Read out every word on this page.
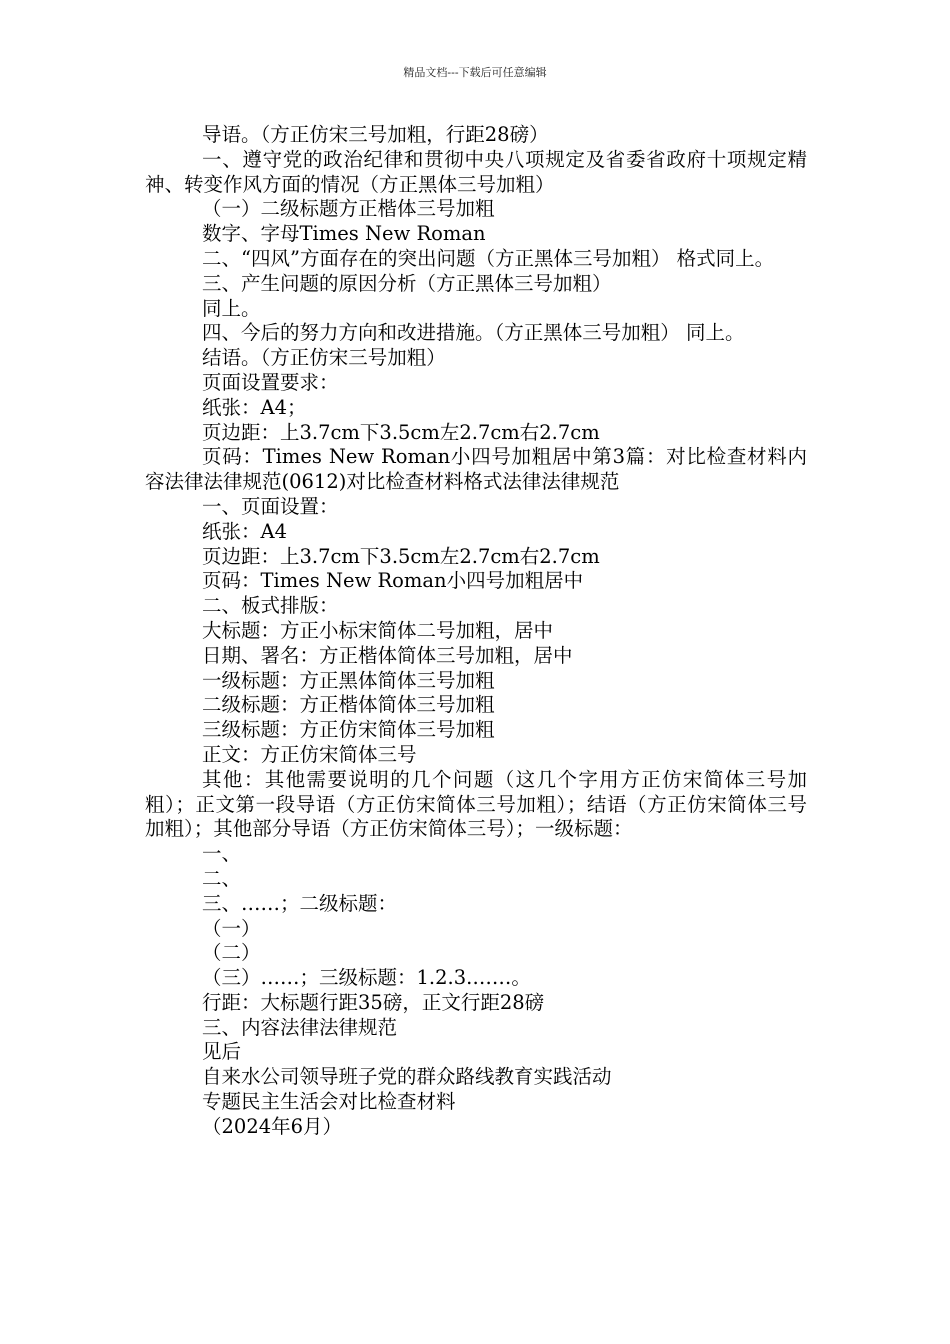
精品文档---下载后可任意编辑

导语。（方正仿宋三号加粗，行距28磅）

一、遵守党的政治纪律和贯彻中央八项规定及省委省政府十项规定精神、转变作风方面的情况（方正黑体三号加粗）

（一）二级标题方正楷体三号加粗

数字、字母Times New Roman

二、“四风”方面存在的突出问题（方正黑体三号加粗） 格式同上。

三、产生问题的原因分析（方正黑体三号加粗）

同上。

四、今后的努力方向和改进措施。（方正黑体三号加粗） 同上。

结语。（方正仿宋三号加粗）

页面设置要求：

纸张：A4；

页边距：上3.7cm下3.5cm左2.7cm右2.7cm

页码：Times New Roman小四号加粗居中第3篇：对比检查材料内容法律法律规范(0612)对比检查材料格式法律法律规范

一、页面设置：

纸张：A4

页边距：上3.7cm下3.5cm左2.7cm右2.7cm

页码：Times New Roman小四号加粗居中

二、板式排版：

大标题：方正小标宋简体二号加粗，居中

日期、署名：方正楷体简体三号加粗，居中

一级标题：方正黑体简体三号加粗

二级标题：方正楷体简体三号加粗

三级标题：方正仿宋简体三号加粗

正文：方正仿宋简体三号

其他：其他需要说明的几个问题（这几个字用方正仿宋简体三号加粗）；正文第一段导语（方正仿宋简体三号加粗）；结语（方正仿宋简体三号加粗）；其他部分导语（方正仿宋简体三号）；一级标题：

一、

二、

三、……；二级标题：

（一）

（二）

（三）……；三级标题：1.2.3.……。

行距：大标题行距35磅，正文行距28磅

三、内容法律法律规范

见后

自来水公司领导班子党的群众路线教育实践活动

专题民主生活会对比检查材料

（2024年6月）
